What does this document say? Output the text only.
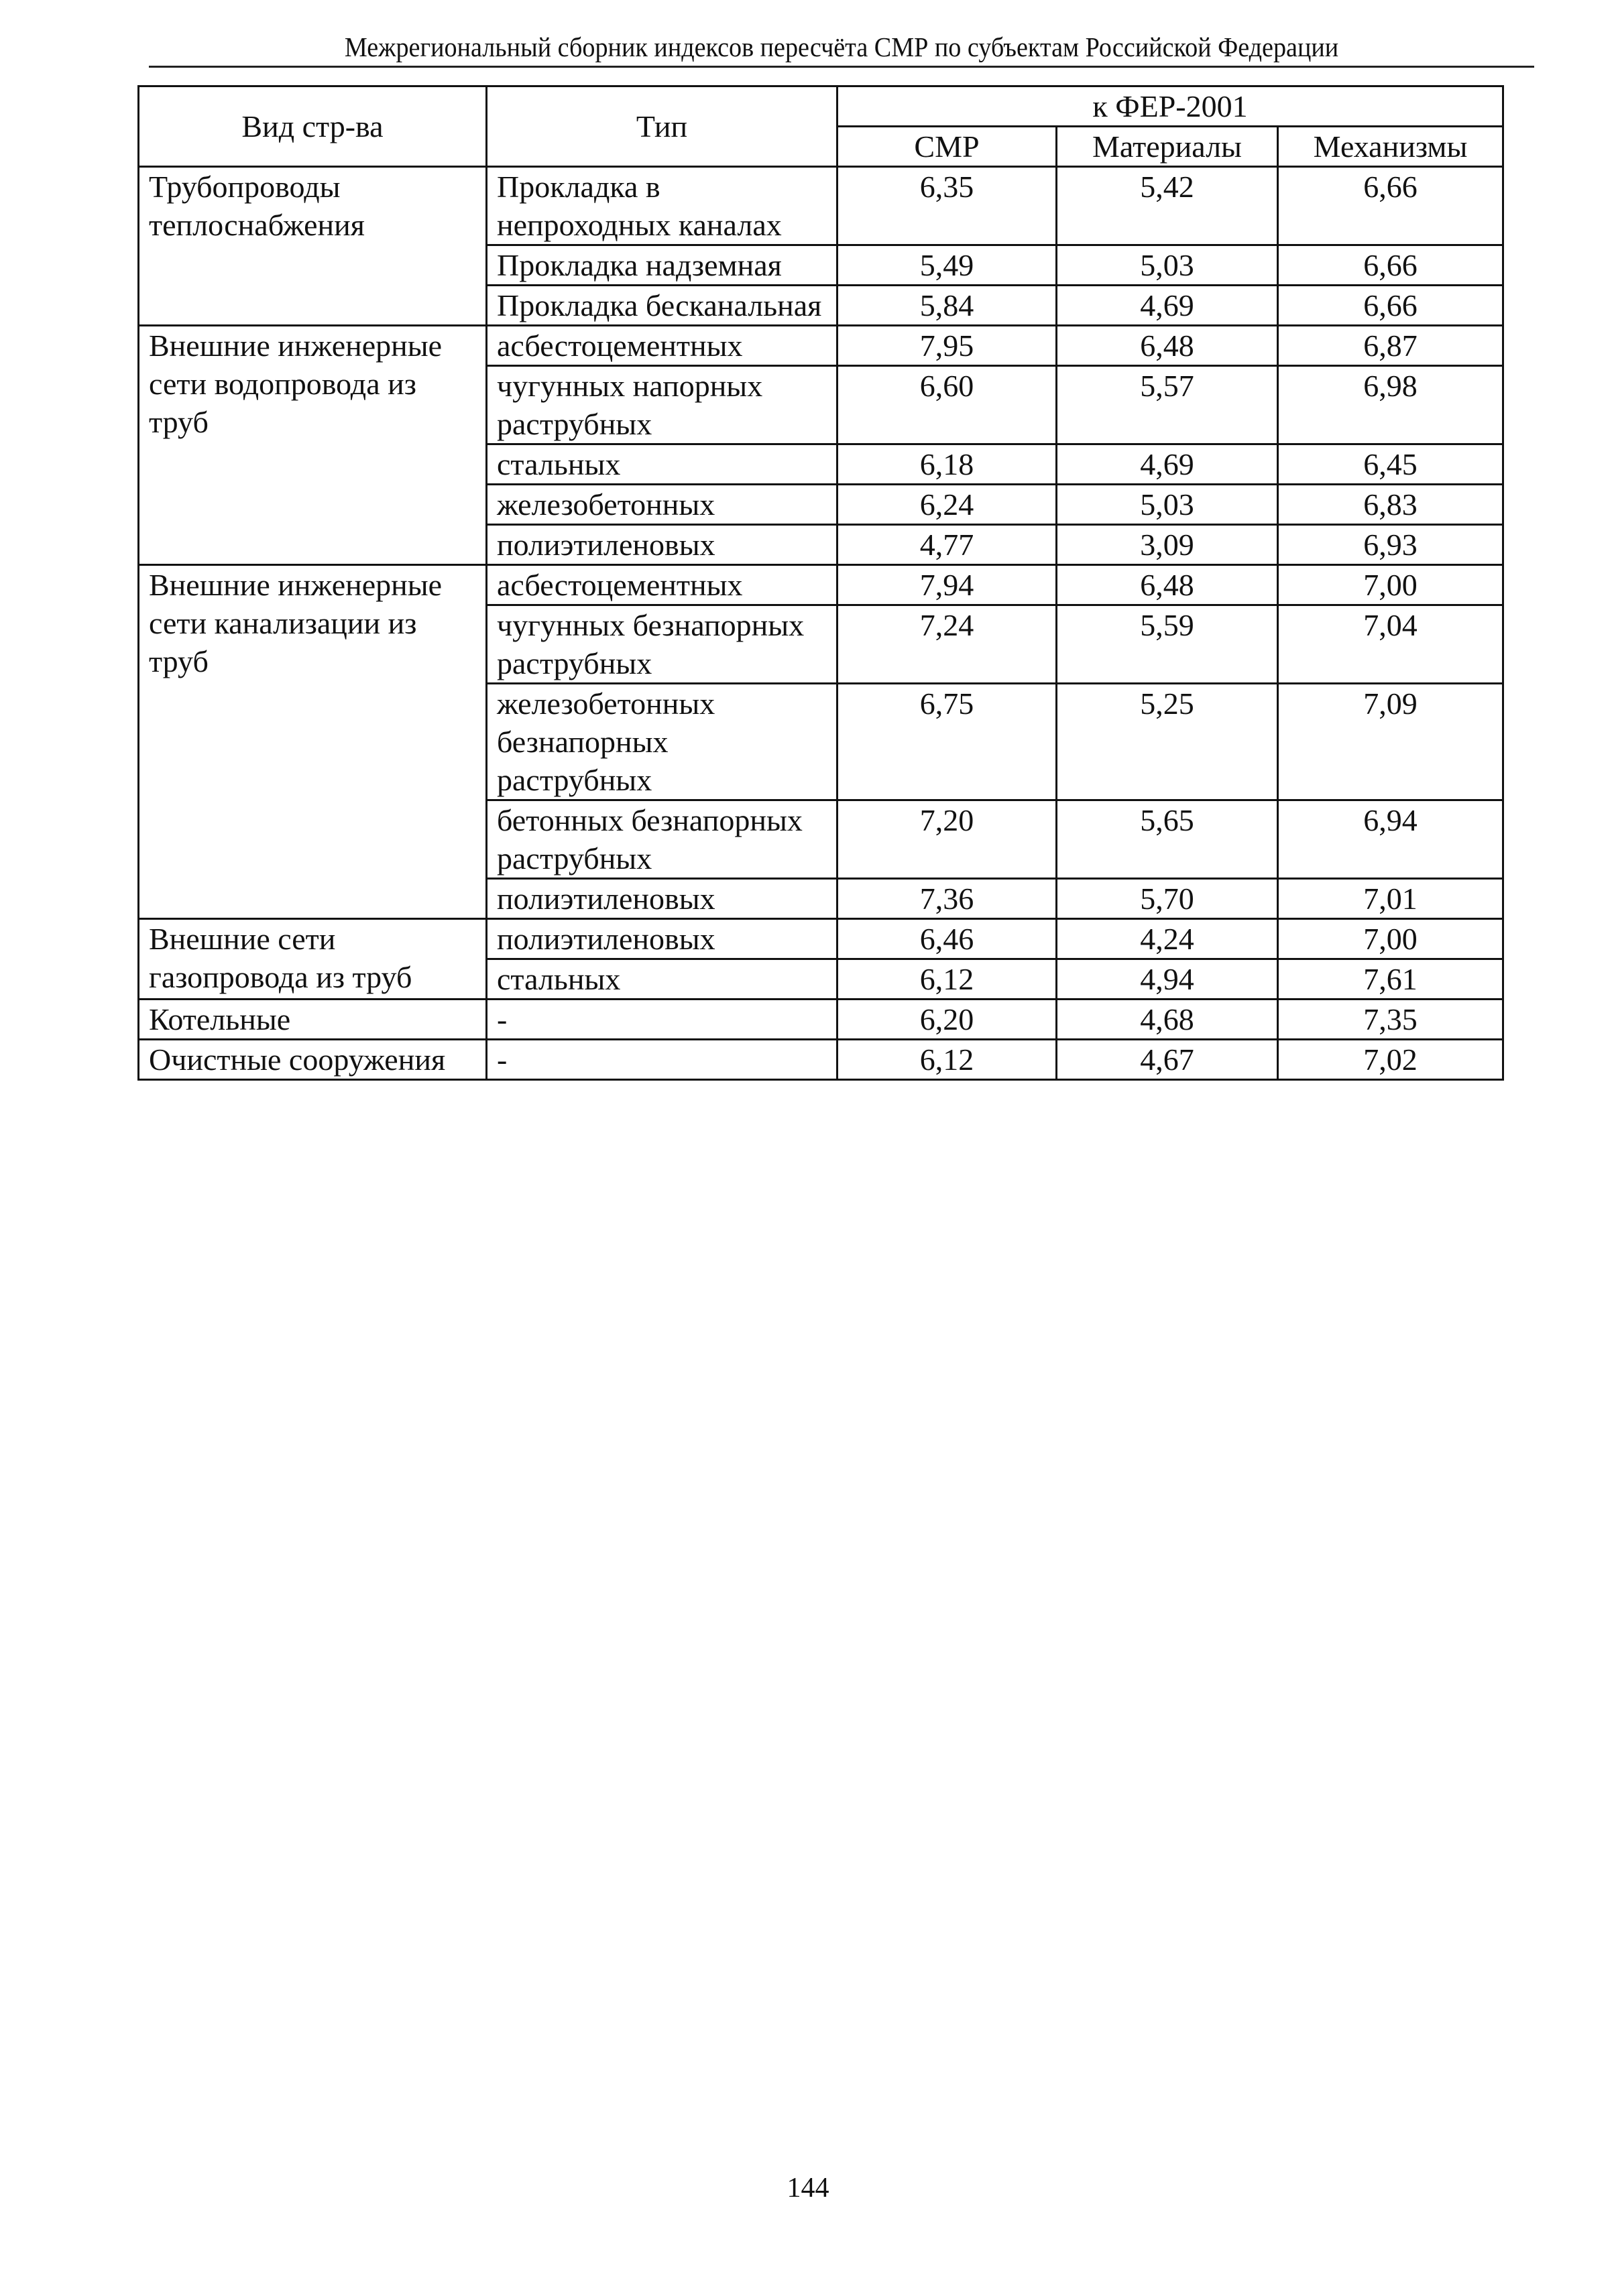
Межрегиональный сборник индексов пересчёта СМР по субъектам Российской Федерации
Вид стр-ва	Тип	к ФЕР-2001		
		СМР	Материалы	Механизмы
Трубопроводы теплоснабжения	Прокладка в непроходных каналах	6,35	5,42	6,66
	Прокладка надземная	5,49	5,03	6,66
	Прокладка бесканальная	5,84	4,69	6,66
Внешние инженерные сети водопровода из труб	асбестоцементных	7,95	6,48	6,87
	чугунных напорных раструбных	6,60	5,57	6,98
	стальных	6,18	4,69	6,45
	железобетонных	6,24	5,03	6,83
	полиэтиленовых	4,77	3,09	6,93
Внешние инженерные сети канализации из труб	асбестоцементных	7,94	6,48	7,00
	чугунных безнапорных раструбных	7,24	5,59	7,04
	железобетонных безнапорных раструбных	6,75	5,25	7,09
	бетонных безнапорных раструбных	7,20	5,65	6,94
	полиэтиленовых	7,36	5,70	7,01
Внешние сети газопровода из труб	полиэтиленовых	6,46	4,24	7,00
	стальных	6,12	4,94	7,61
Котельные	-	6,20	4,68	7,35
Очистные сооружения	-	6,12	4,67	7,02
144
